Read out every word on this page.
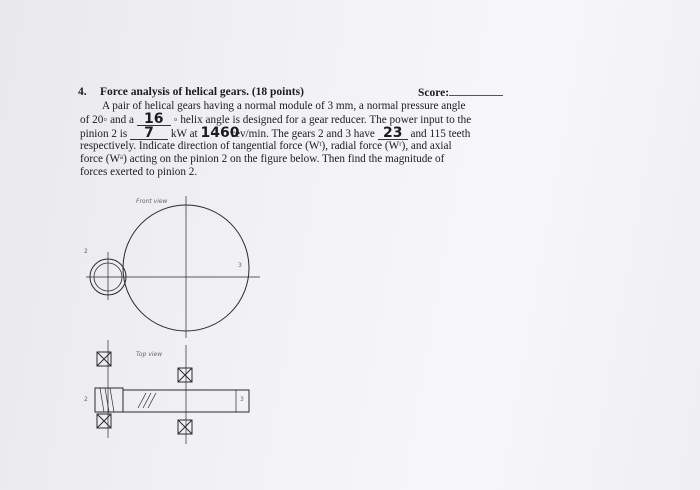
4. Force analysis of helical gears. (18 points)	Score:
A pair of helical gears having a normal module of 3 mm, a normal pressure angle
of 20◦ and a 16 ◦ helix angle is designed for a gear reducer. The power input to the
pinion 2 is 7 kW at 1460 rev/min. The gears 2 and 3 have 23 and 115 teeth
respectively. Indicate direction of tangential force (Wᵗ), radial force (Wʳ), and axial
force (Wᵃ) acting on the pinion 2 on the figure below. Then find the magnitude of
forces exerted to pinion 2.
Front view
Top view
2
3
2	3
